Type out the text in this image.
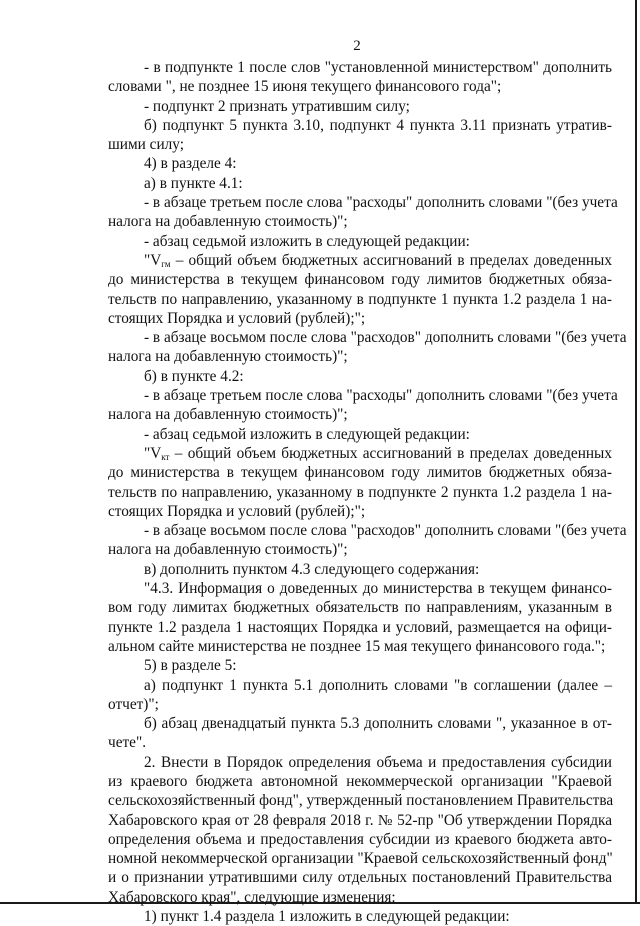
2
- в подпункте 1 после слов "установленной министерством" дополнить
словами ", не позднее 15 июня текущего финансового года";
- подпункт 2 признать утратившим силу;
б) подпункт 5 пункта 3.10, подпункт 4 пункта 3.11 признать утратив-
шими силу;
4) в разделе 4:
а) в пункте 4.1:
- в абзаце третьем после слова "расходы" дополнить словами "(без учета
налога на добавленную стоимость)";
- абзац седьмой изложить в следующей редакции:
"$V_{гм}$ – общий объем бюджетных ассигнований в пределах доведенных
до министерства в текущем финансовом году лимитов бюджетных обяза-
тельств по направлению, указанному в подпункте 1 пункта 1.2 раздела 1 на-
стоящих Порядка и условий (рублей);";
- в абзаце восьмом после слова "расходов" дополнить словами "(без учета
налога на добавленную стоимость)";
б) в пункте 4.2:
- в абзаце третьем после слова "расходы" дополнить словами "(без учета
налога на добавленную стоимость)";
- абзац седьмой изложить в следующей редакции:
"$V_{кт}$ – общий объем бюджетных ассигнований в пределах доведенных
до министерства в текущем финансовом году лимитов бюджетных обяза-
тельств по направлению, указанному в подпункте 2 пункта 1.2 раздела 1 на-
стоящих Порядка и условий (рублей);";
- в абзаце восьмом после слова "расходов" дополнить словами "(без учета
налога на добавленную стоимость)";
в) дополнить пунктом 4.3 следующего содержания:
"4.3. Информация о доведенных до министерства в текущем финансо-
вом году лимитах бюджетных обязательств по направлениям, указанным в
пункте 1.2 раздела 1 настоящих Порядка и условий, размещается на офици-
альном сайте министерства не позднее 15 мая текущего финансового года.";
5) в разделе 5:
а) подпункт 1 пункта 5.1 дополнить словами "в соглашении (далее –
отчет)";
б) абзац двенадцатый пункта 5.3 дополнить словами ", указанное в от-
чете".
2. Внести в Порядок определения объема и предоставления субсидии
из краевого бюджета автономной некоммерческой организации "Краевой
сельскохозяйственный фонд", утвержденный постановлением Правительства
Хабаровского края от 28 февраля 2018 г. № 52-пр "Об утверждении Порядка
определения объема и предоставления субсидии из краевого бюджета авто-
номной некоммерческой организации "Краевой сельскохозяйственный фонд"
и о признании утратившими силу отдельных постановлений Правительства
Хабаровского края", следующие изменения:
1) пункт 1.4 раздела 1 изложить в следующей редакции:
